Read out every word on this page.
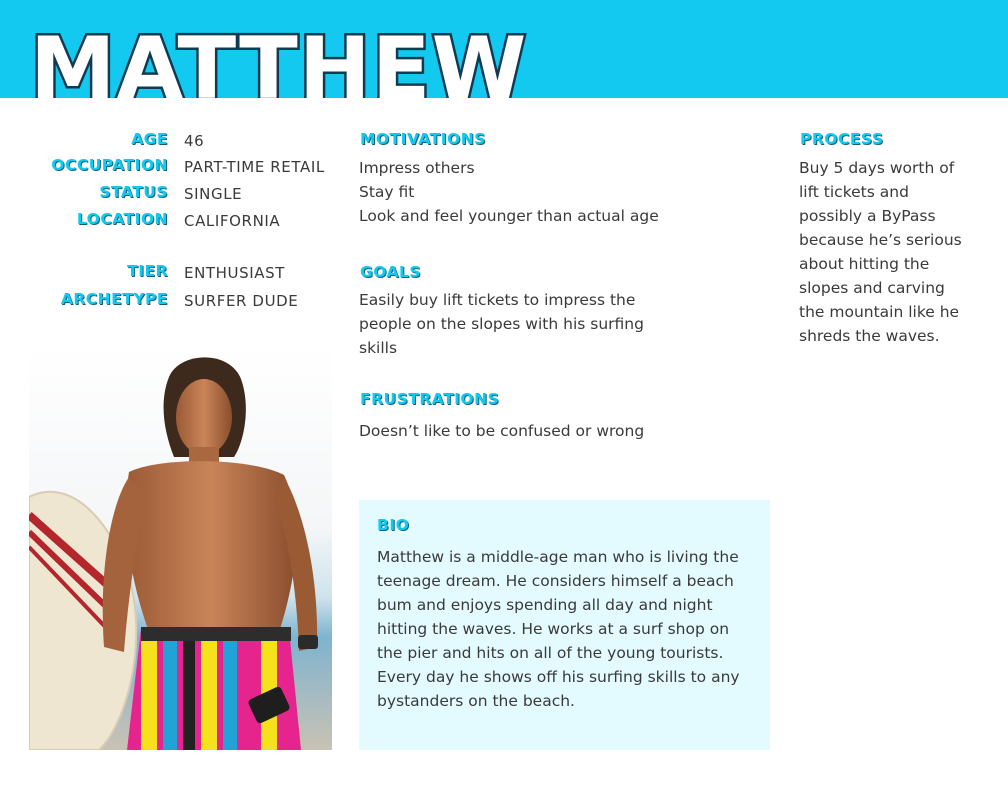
MATTHEW
AGE 46
OCCUPATION PART-TIME RETAIL
STATUS SINGLE
LOCATION CALIFORNIA
TIER ENTHUSIAST
ARCHETYPE SURFER DUDE
MOTIVATIONS
Impress others
Stay fit
Look and feel younger than actual age
GOALS
Easily buy lift tickets to impress the
people on the slopes with his surfing
skills
FRUSTRATIONS
Doesn’t like to be confused or wrong
PROCESS
Buy 5 days worth of
lift tickets and
possibly a ByPass
because he’s serious
about hitting the
slopes and carving
the mountain like he
shreds the waves.
BIO
Matthew is a middle-age man who is living the
teenage dream. He considers himself a beach
bum and enjoys spending all day and night
hitting the waves. He works at a surf shop on
the pier and hits on all of the young tourists.
Every day he shows off his surfing skills to any
bystanders on the beach.
